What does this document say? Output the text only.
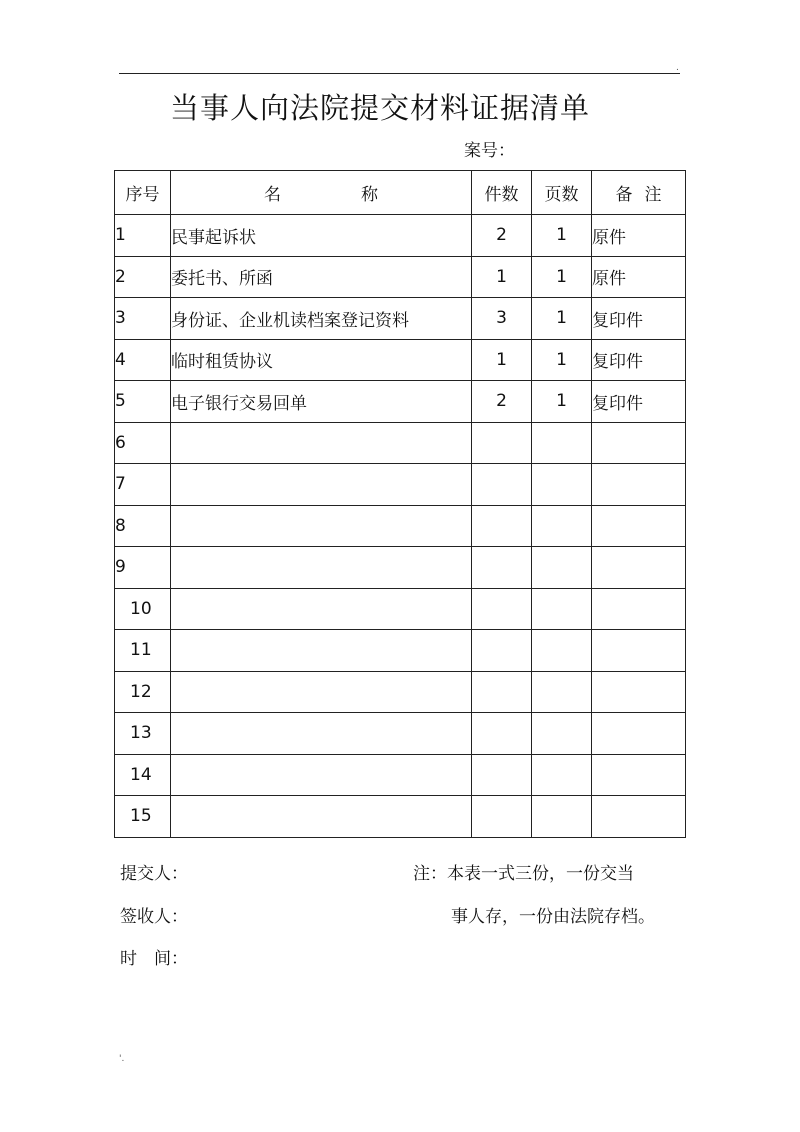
.
当事人向法院提交材料证据清单
案号：
序号	名 称	件数	页数	备 注
1	民事起诉状	2	1	原件
2	委托书、所函	1	1	原件
3	身份证、企业机读档案登记资料	3	1	复印件
4	临时租赁协议	1	1	复印件
5	电子银行交易回单	2	1	复印件
6				
7				
8				
9				
10				
11				
12				
13				
14				
15				
提交人：	注：本表一式三份，一份交当
签收人：	事人存，一份由法院存档。
时　间：
'.
